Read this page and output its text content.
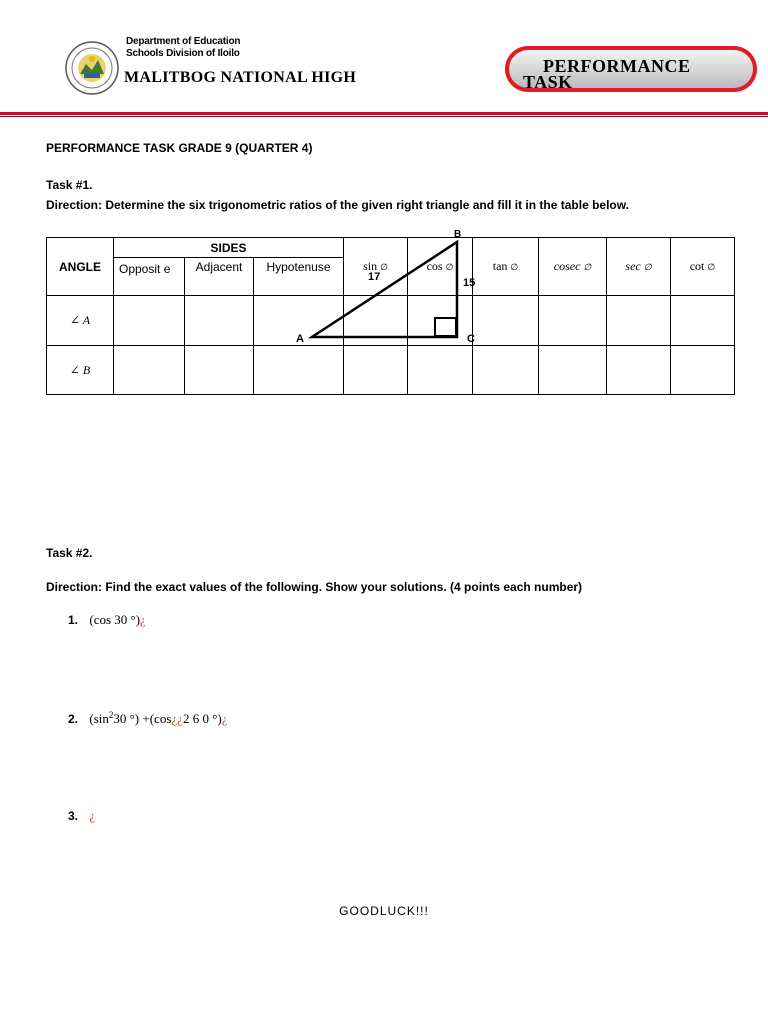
Department of Education
Schools Division of Iloilo
MALITBOG NATIONAL HIGH
PERFORMANCE
TASK
PERFORMANCE TASK GRADE 9 (QUARTER 4)
Task #1.
Direction: Determine the six trigonometric ratios of the given right triangle and fill it in the table below.
ANGLE	SIDES			sin ∅	cos ∅	tan ∅	cosec ∅	sec ∅	cot ∅
	Opposit e	Adjacent	Hypotenuse						
∠ A									
∠ B									
A
B
C
17	15
Task #2.
Direction: Find the exact values of the following. Show your solutions. (4 points each number)
1. (cos 30 °)¿
2. ($\sin^230$ °) +(cos¿¿2 6 0 °)¿
3. ¿
GOODLUCK!!!
